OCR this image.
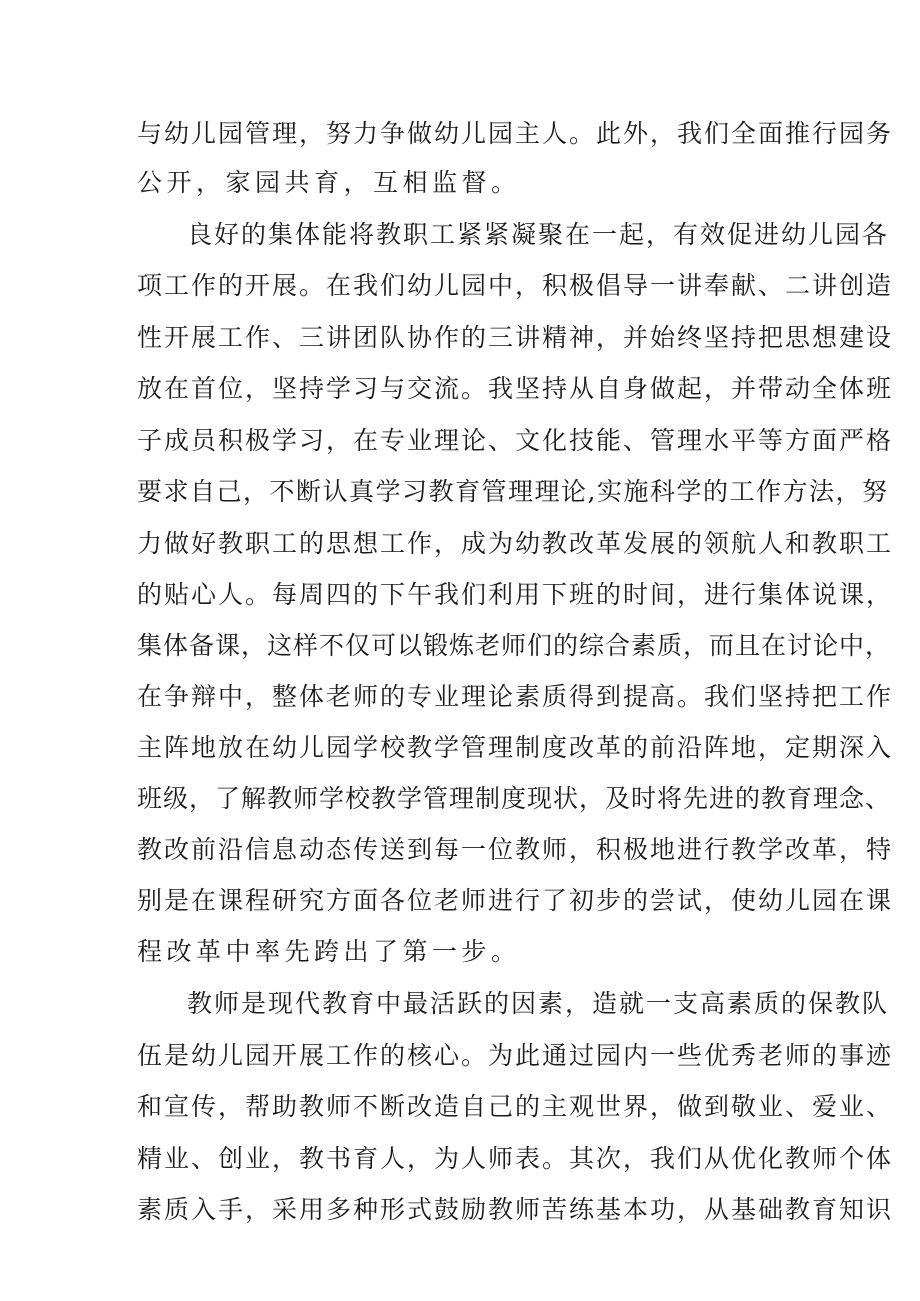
与幼儿园管理，努力争做幼儿园主人。此外，我们全面推行园务
公开，家园共育，互相监督。
良好的集体能将教职工紧紧凝聚在一起，有效促进幼儿园各
项工作的开展。在我们幼儿园中，积极倡导一讲奉献、二讲创造
性开展工作、三讲团队协作的三讲精神，并始终坚持把思想建设
放在首位，坚持学习与交流。我坚持从自身做起，并带动全体班
子成员积极学习，在专业理论、文化技能、管理水平等方面严格
要求自己，不断认真学习教育管理理论,实施科学的工作方法，努
力做好教职工的思想工作，成为幼教改革发展的领航人和教职工
的贴心人。每周四的下午我们利用下班的时间，进行集体说课，
集体备课，这样不仅可以锻炼老师们的综合素质，而且在讨论中，
在争辩中，整体老师的专业理论素质得到提高。我们坚持把工作
主阵地放在幼儿园学校教学管理制度改革的前沿阵地，定期深入
班级，了解教师学校教学管理制度现状，及时将先进的教育理念、
教改前沿信息动态传送到每一位教师，积极地进行教学改革，特
别是在课程研究方面各位老师进行了初步的尝试，使幼儿园在课
程改革中率先跨出了第一步。
教师是现代教育中最活跃的因素，造就一支高素质的保教队
伍是幼儿园开展工作的核心。为此通过园内一些优秀老师的事迹
和宣传，帮助教师不断改造自己的主观世界，做到敬业、爱业、
精业、创业，教书育人，为人师表。其次，我们从优化教师个体
素质入手，采用多种形式鼓励教师苦练基本功，从基础教育知识
